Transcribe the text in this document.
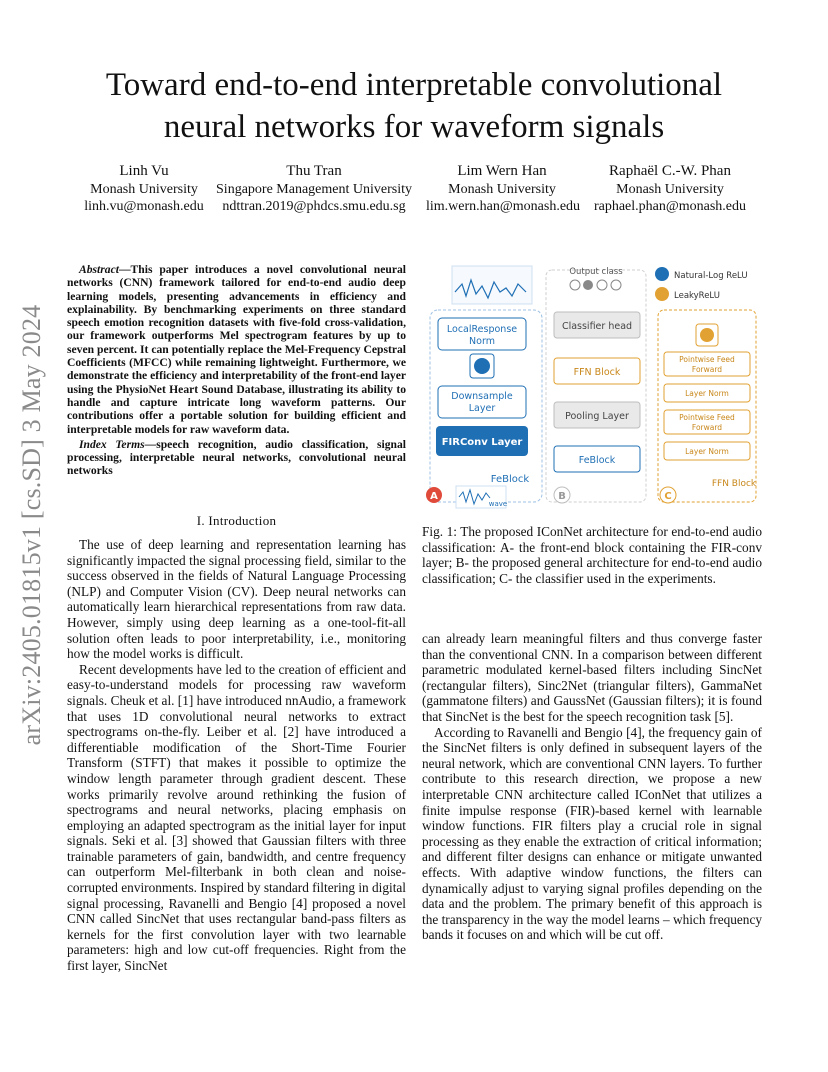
arXiv:2405.01815v1 [cs.SD] 3 May 2024
Toward end-to-end interpretable convolutional
neural networks for waveform signals
Linh Vu
Monash University
linh.vu@monash.edu
Thu Tran
Singapore Management University
ndttran.2019@phdcs.smu.edu.sg
Lim Wern Han
Monash University
lim.wern.han@monash.edu
Raphaël C.-W. Phan
Monash University
raphael.phan@monash.edu

Abstract—This paper introduces a novel convolutional neural networks (CNN) framework tailored for end-to-end audio deep learning models, presenting advancements in efficiency and explainability. By benchmarking experiments on three standard speech emotion recognition datasets with five-fold cross-validation, our framework outperforms Mel spectrogram features by up to seven percent. It can potentially replace the Mel-Frequency Cepstral Coefficients (MFCC) while remaining lightweight. Furthermore, we demonstrate the efficiency and interpretability of the front-end layer using the PhysioNet Heart Sound Database, illustrating its ability to handle and capture intricate long waveform patterns. Our contributions offer a portable solution for building efficient and interpretable models for raw waveform data.

Index Terms—speech recognition, audio classification, signal processing, interpretable neural networks, convolutional neural networks

I. Introduction

The use of deep learning and representation learning has significantly impacted the signal processing field, similar to the success observed in the fields of Natural Language Processing (NLP) and Computer Vision (CV). Deep neural networks can automatically learn hierarchical representations from raw data. However, simply using deep learning as a one-tool-fit-all solution often leads to poor interpretability, i.e., monitoring how the model works is difficult.

Recent developments have led to the creation of efficient and easy-to-understand models for processing raw waveform signals. Cheuk et al. [1] have introduced nnAudio, a framework that uses 1D convolutional neural networks to extract spectrograms on-the-fly. Leiber et al. [2] have introduced a differentiable modification of the Short-Time Fourier Transform (STFT) that makes it possible to optimize the window length parameter through gradient descent. These works primarily revolve around rethinking the fusion of spectrograms and neural networks, placing emphasis on employing an adapted spectrogram as the initial layer for input signals. Seki et al. [3] showed that Gaussian filters with three trainable parameters of gain, bandwidth, and centre frequency can outperform Mel-filterbank in both clean and noise-corrupted environments. Inspired by standard filtering in digital signal processing, Ravanelli and Bengio [4] proposed a novel CNN called SincNet that uses rectangular band-pass filters as kernels for the first convolution layer with two learnable parameters: high and low cut-off frequencies. Right from the first layer, SincNet

LocalResponse
Norm
Downsample
Layer
FIRConv Layer
FeBlock
A
wave
Output class
Classifier head
FFN Block
Pooling Layer
FeBlock
B
Natural-Log ReLU
LeakyReLU
Pointwise Feed
Forward
Layer Norm
Pointwise Feed
Forward
Layer Norm
FFN Block
C
Fig. 1: The proposed IConNet architecture for end-to-end audio classification: A- the front-end block containing the FIR-conv layer; B- the proposed general architecture for end-to-end audio classification; C- the classifier used in the experiments.

can already learn meaningful filters and thus converge faster than the conventional CNN. In a comparison between different parametric modulated kernel-based filters including SincNet (rectangular filters), Sinc2Net (triangular filters), GammaNet (gammatone filters) and GaussNet (Gaussian filters); it is found that SincNet is the best for the speech recognition task [5].

According to Ravanelli and Bengio [4], the frequency gain of the SincNet filters is only defined in subsequent layers of the neural network, which are conventional CNN layers. To further contribute to this research direction, we propose a new interpretable CNN architecture called IConNet that utilizes a finite impulse response (FIR)-based kernel with learnable window functions. FIR filters play a crucial role in signal processing as they enable the extraction of critical information; and different filter designs can enhance or mitigate unwanted effects. With adaptive window functions, the filters can dynamically adjust to varying signal profiles depending on the data and the problem. The primary benefit of this approach is the transparency in the way the model learns – which frequency bands it focuses on and which will be cut off.
